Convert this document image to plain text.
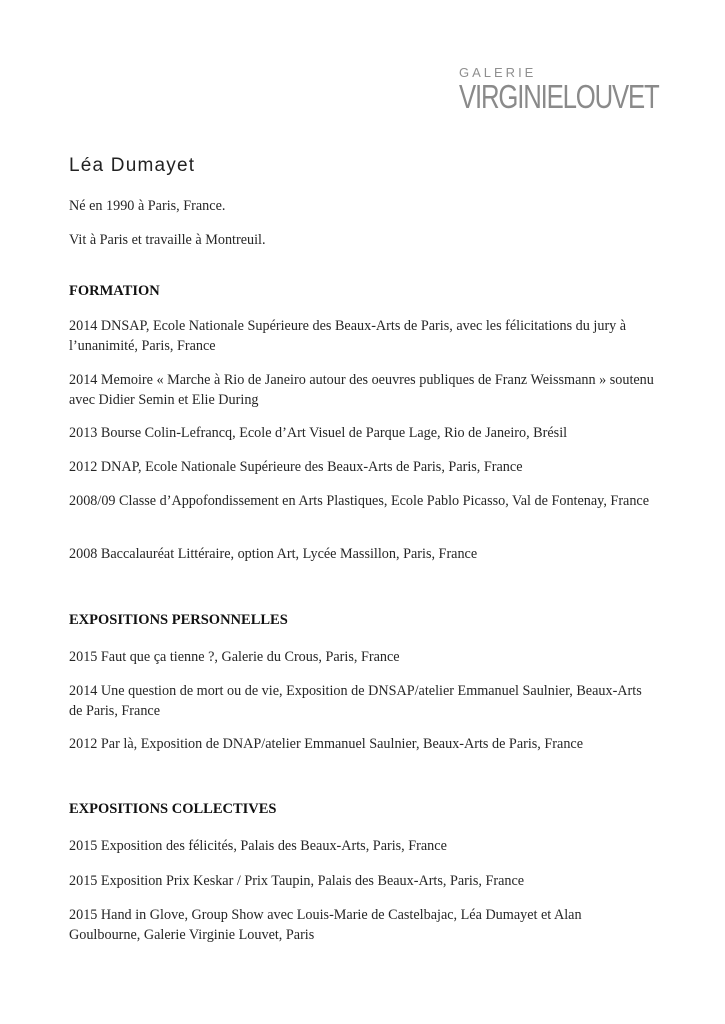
GALERIE
VIRGINIELOUVET
Léa Dumayet
Né en 1990 à Paris, France.
Vit à Paris et travaille à Montreuil.
FORMATION
2014 DNSAP, Ecole Nationale Supérieure des Beaux-Arts de Paris, avec les félicitations du jury à l’unanimité, Paris, France
2014 Memoire « Marche à Rio de Janeiro autour des oeuvres publiques de Franz Weissmann » soutenu avec Didier Semin et Elie During
2013 Bourse Colin-Lefrancq, Ecole d’Art Visuel de Parque Lage, Rio de Janeiro, Brésil
2012 DNAP, Ecole Nationale Supérieure des Beaux-Arts de Paris, Paris, France
2008/09 Classe d’Appofondissement en Arts Plastiques, Ecole Pablo Picasso, Val de Fontenay, France
2008 Baccalauréat Littéraire, option Art, Lycée Massillon, Paris, France
EXPOSITIONS PERSONNELLES
2015 Faut que ça tienne ?, Galerie du Crous, Paris, France
2014 Une question de mort ou de vie, Exposition de DNSAP/atelier Emmanuel Saulnier, Beaux-Arts de Paris, France
2012 Par là, Exposition de DNAP/atelier Emmanuel Saulnier, Beaux-Arts de Paris, France
EXPOSITIONS COLLECTIVES
2015 Exposition des félicités, Palais des Beaux-Arts, Paris, France
2015 Exposition Prix Keskar / Prix Taupin, Palais des Beaux-Arts, Paris, France
2015 Hand in Glove, Group Show avec Louis-Marie de Castelbajac, Léa Dumayet et Alan Goulbourne, Galerie Virginie Louvet, Paris
